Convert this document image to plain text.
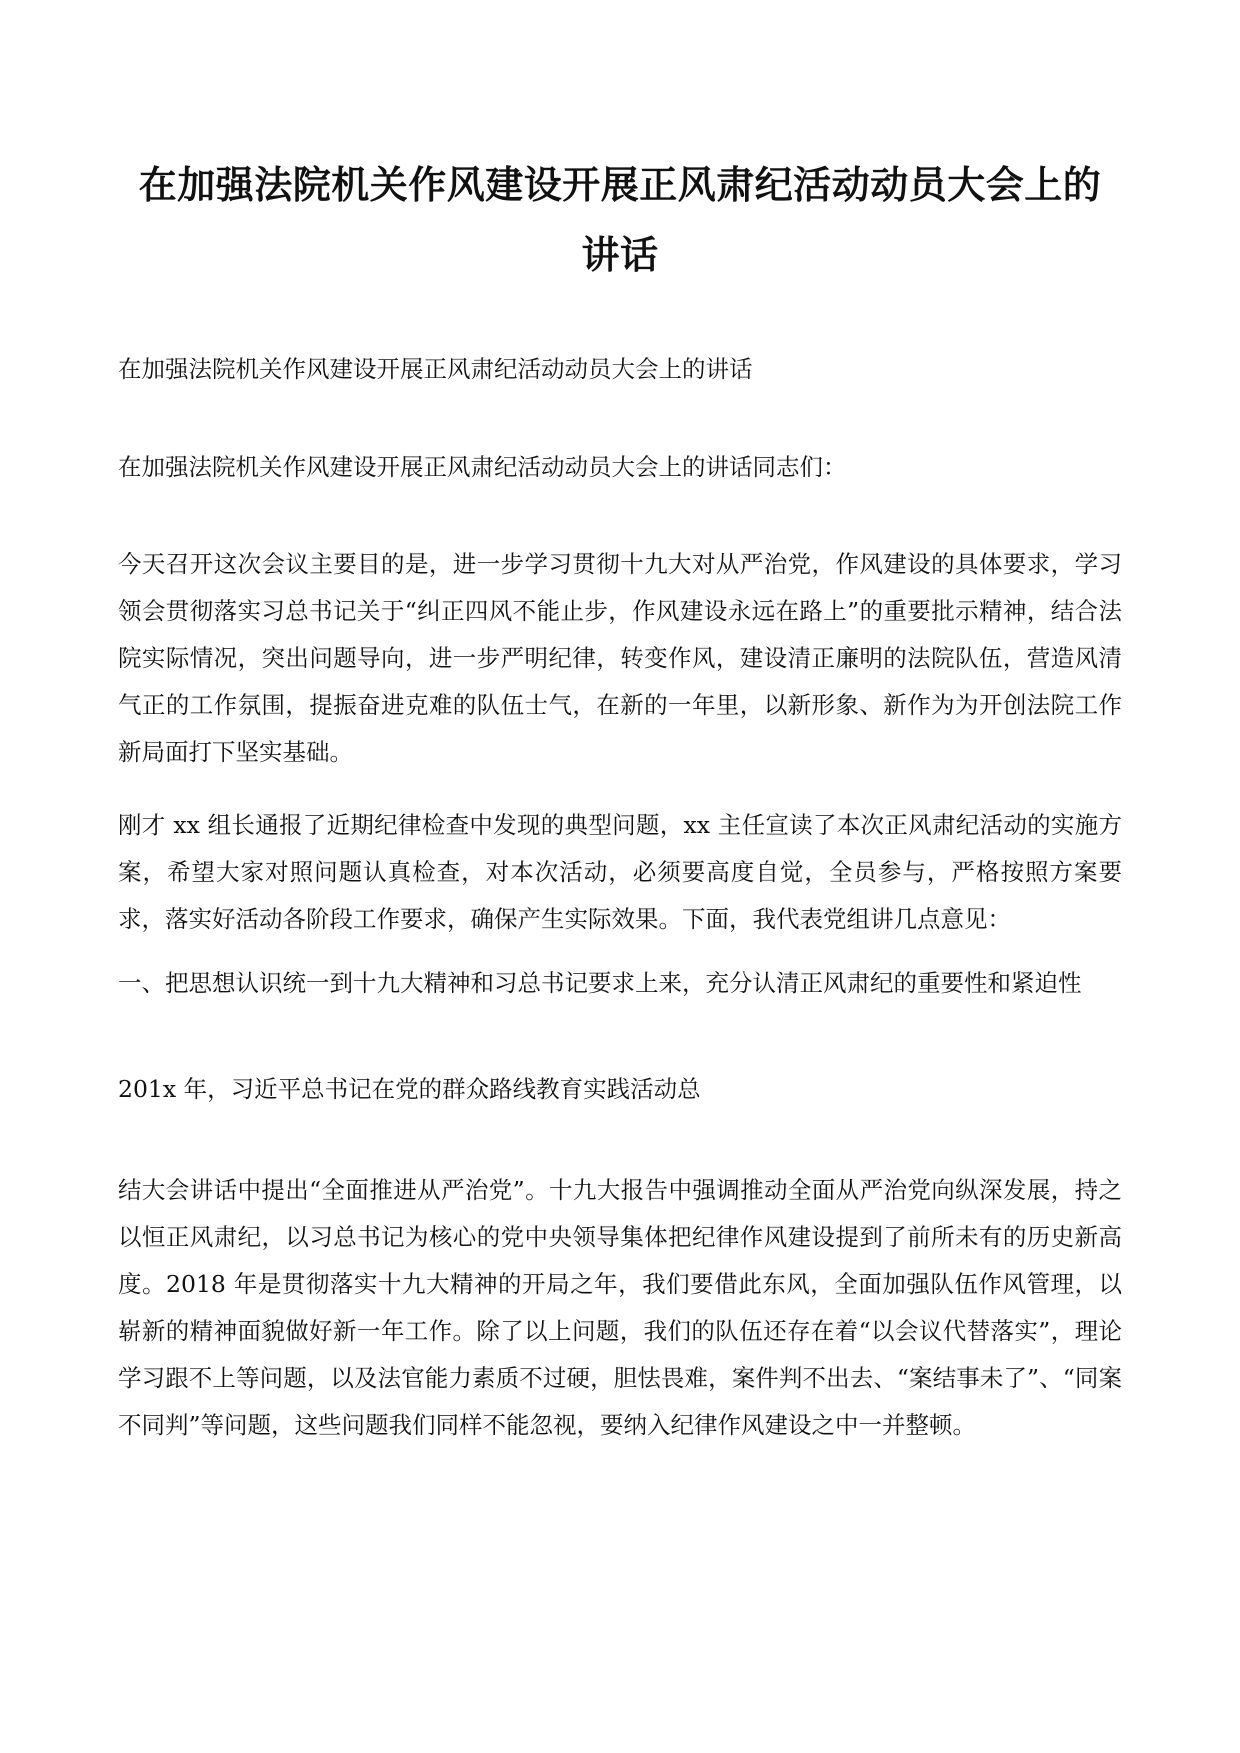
在加强法院机关作风建设开展正风肃纪活动动员大会上的讲话

在加强法院机关作风建设开展正风肃纪活动动员大会上的讲话

在加强法院机关作风建设开展正风肃纪活动动员大会上的讲话同志们：

今天召开这次会议主要目的是，进一步学习贯彻十九大对从严治党，作风建设的具体要求，学习领会贯彻落实习总书记关于“纠正四风不能止步，作风建设永远在路上”的重要批示精神，结合法院实际情况，突出问题导向，进一步严明纪律，转变作风，建设清正廉明的法院队伍，营造风清气正的工作氛围，提振奋进克难的队伍士气，在新的一年里，以新形象、新作为为开创法院工作新局面打下坚实基础。

刚才 xx 组长通报了近期纪律检查中发现的典型问题，xx 主任宣读了本次正风肃纪活动的实施方案，希望大家对照问题认真检查，对本次活动，必须要高度自觉，全员参与，严格按照方案要求，落实好活动各阶段工作要求，确保产生实际效果。下面，我代表党组讲几点意见：

一、把思想认识统一到十九大精神和习总书记要求上来，充分认清正风肃纪的重要性和紧迫性

201x 年，习近平总书记在党的群众路线教育实践活动总

结大会讲话中提出“全面推进从严治党”。十九大报告中强调推动全面从严治党向纵深发展，持之以恒正风肃纪，以习总书记为核心的党中央领导集体把纪律作风建设提到了前所未有的历史新高度。2018 年是贯彻落实十九大精神的开局之年，我们要借此东风，全面加强队伍作风管理，以崭新的精神面貌做好新一年工作。除了以上问题，我们的队伍还存在着“以会议代替落实”，理论学习跟不上等问题，以及法官能力素质不过硬，胆怯畏难，案件判不出去、“案结事未了”、“同案不同判”等问题，这些问题我们同样不能忽视，要纳入纪律作风建设之中一并整顿。
